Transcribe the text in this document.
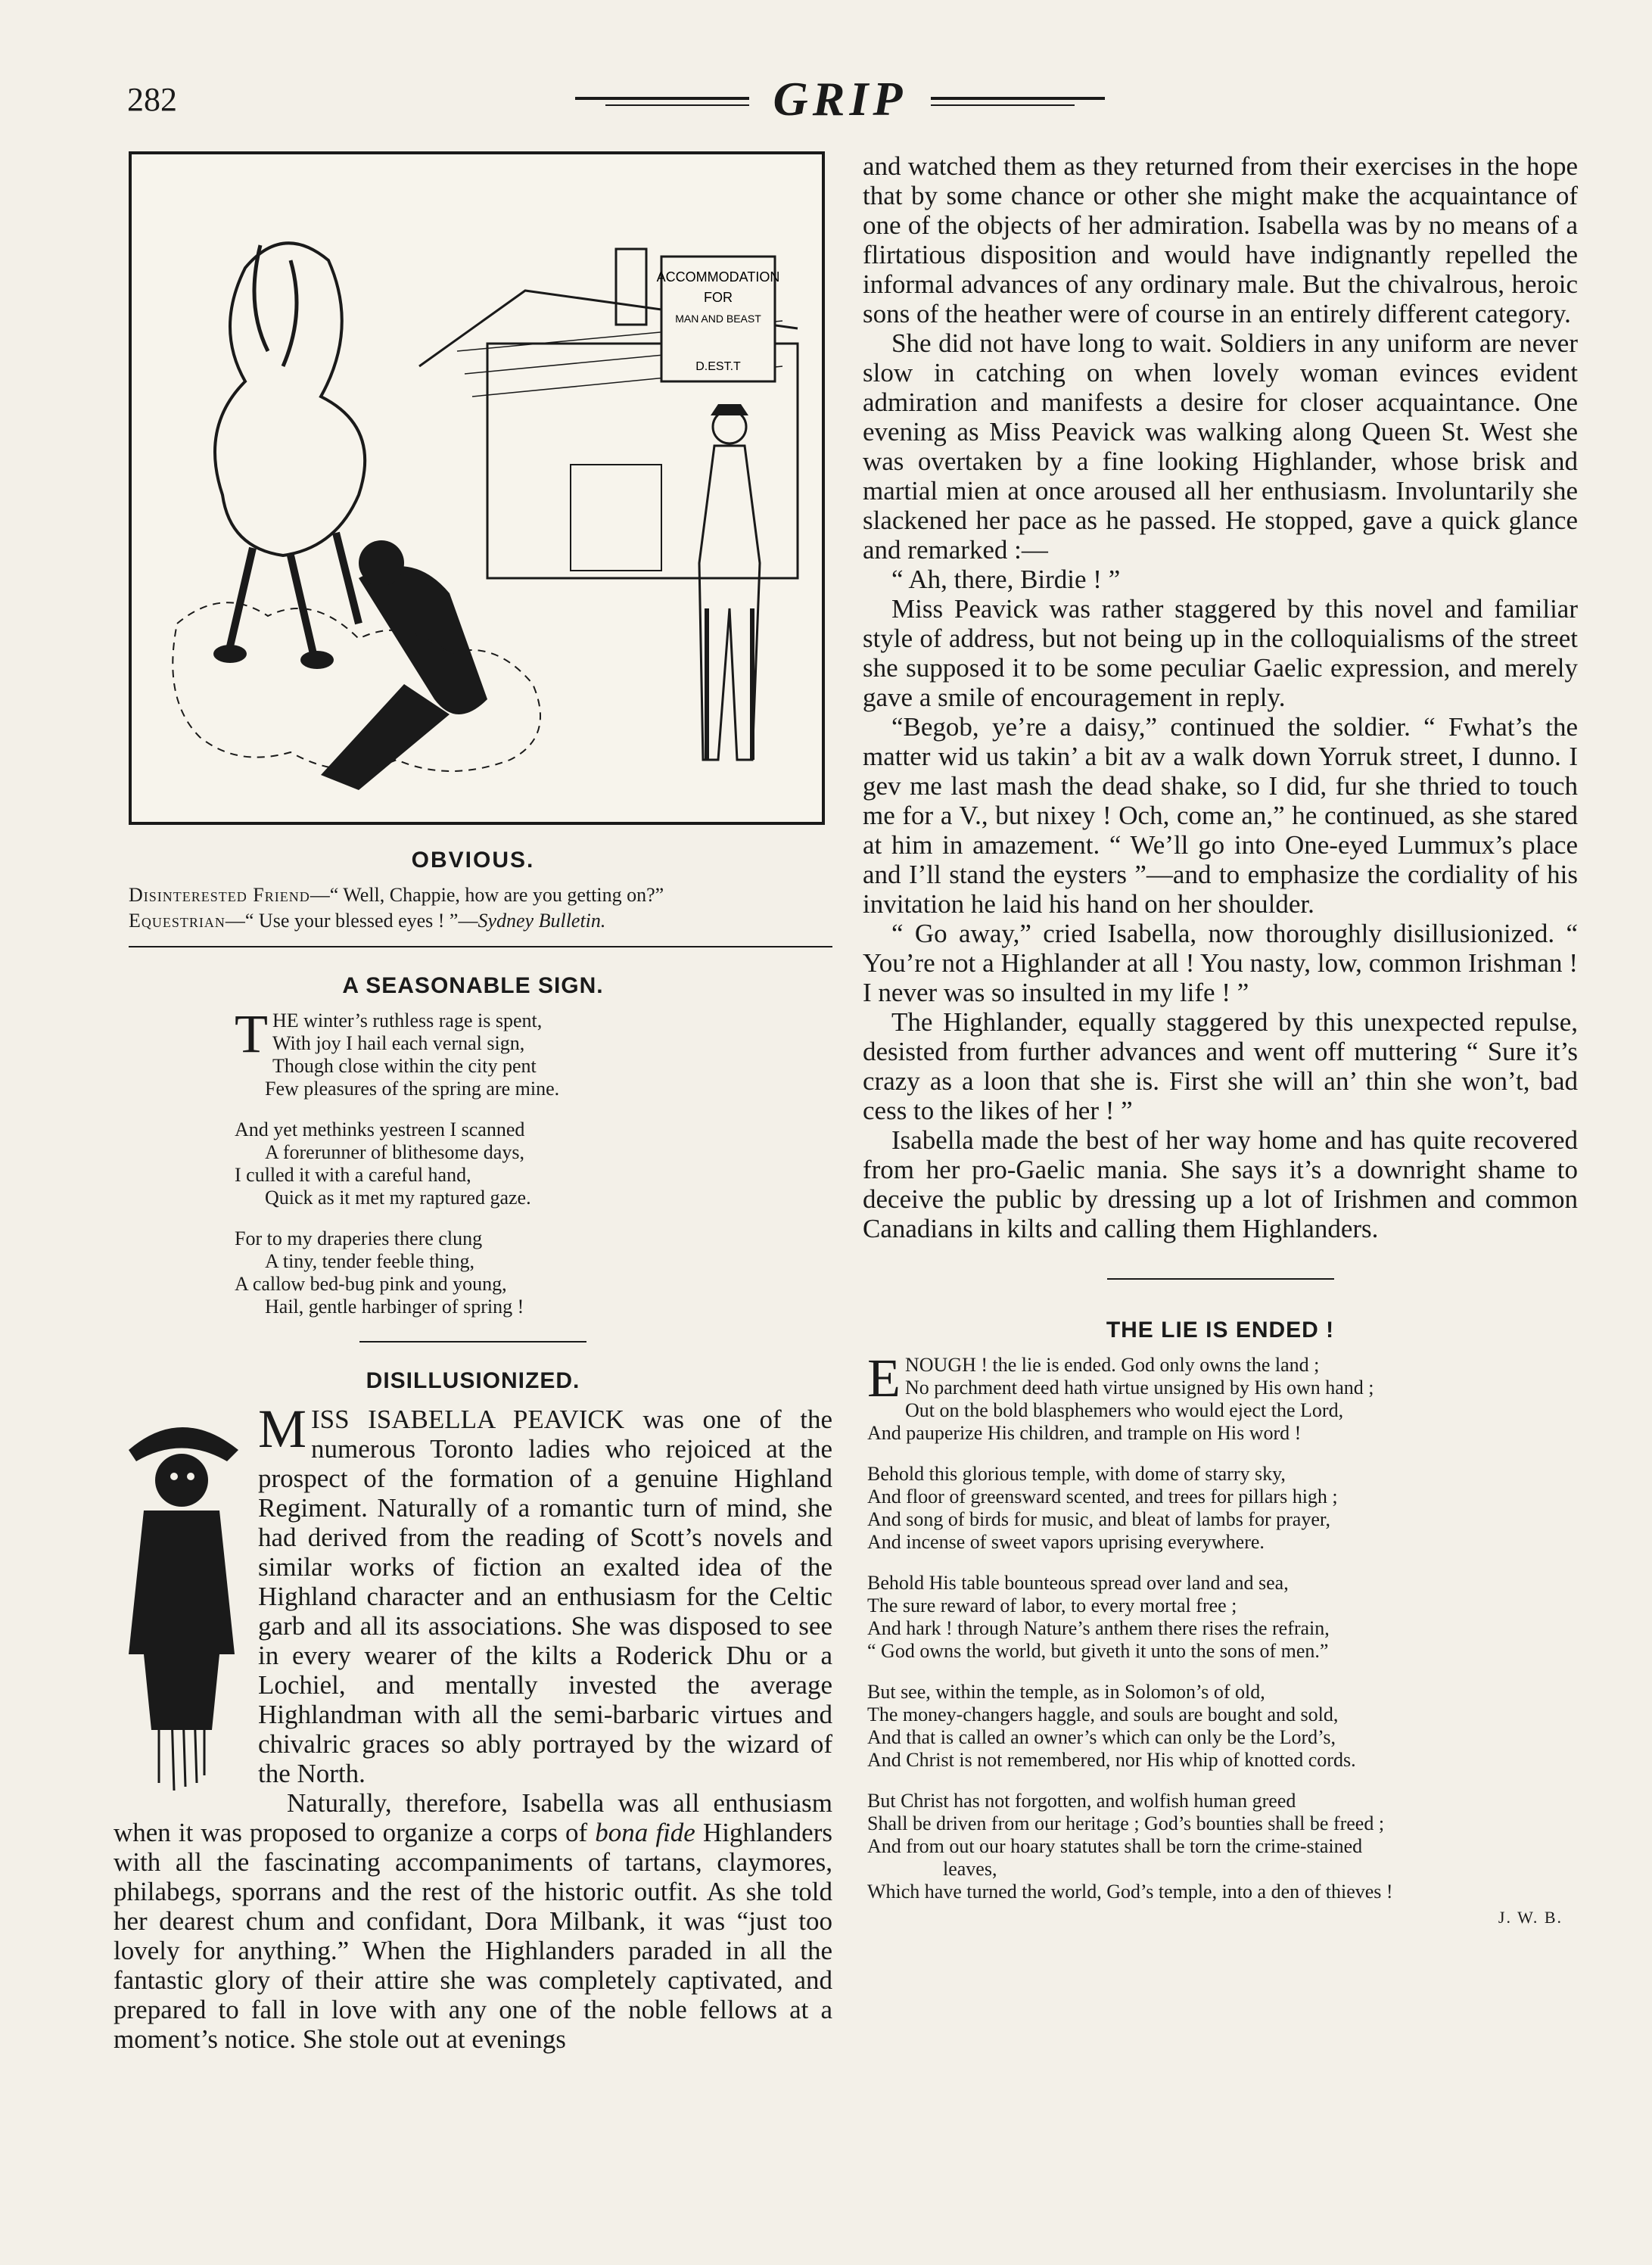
282	GRIP
ACCOMMODATION
FOR
MAN AND BEAST
D.EST.T
OBVIOUS.
Disinterested Friend—“ Well, Chappie, how are you getting on?”
Equestrian—“ Use your blessed eyes ! ”—Sydney Bulletin.
A SEASONABLE SIGN.
THE winter’s ruthless rage is spent,
With joy I hail each vernal sign,
Though close within the city pent
Few pleasures of the spring are mine.
And yet methinks yestreen I scanned
A forerunner of blithesome days,
I culled it with a careful hand,
Quick as it met my raptured gaze.
For to my draperies there clung
A tiny, tender feeble thing,
A callow bed-bug pink and young,
Hail, gentle harbinger of spring !
DISILLUSIONIZED.

MISS ISABELLA PEAVICK was one of the numerous Toronto ladies who rejoiced at the prospect of the formation of a genuine Highland Regiment. Naturally of a romantic turn of mind, she had derived from the reading of Scott’s novels and similar works of fiction an exalted idea of the Highland character and an enthusiasm for the Celtic garb and all its associations. She was disposed to see in every wearer of the kilts a Roderick Dhu or a Lochiel, and mentally invested the average Highlandman with all the semi-barbaric virtues and chivalric graces so ably portrayed by the wizard of the North.

Naturally, therefore, Isabella was all enthusiasm when it was proposed to organize a corps of bona fide Highlanders with all the fascinating accompaniments of tartans, claymores, philabegs, sporrans and the rest of the historic outfit. As she told her dearest chum and confidant, Dora Milbank, it was “just too lovely for anything.” When the Highlanders paraded in all the fantastic glory of their attire she was completely captivated, and prepared to fall in love with any one of the noble fellows at a moment’s notice. She stole out at evenings

and watched them as they returned from their exercises in the hope that by some chance or other she might make the acquaintance of one of the objects of her admiration. Isabella was by no means of a flirtatious disposition and would have indignantly repelled the informal advances of any ordinary male. But the chivalrous, heroic sons of the heather were of course in an entirely different category.

She did not have long to wait. Soldiers in any uniform are never slow in catching on when lovely woman evinces evident admiration and manifests a desire for closer acquaintance. One evening as Miss Peavick was walking along Queen St. West she was overtaken by a fine looking Highlander, whose brisk and martial mien at once aroused all her enthusiasm. Involuntarily she slackened her pace as he passed. He stopped, gave a quick glance and remarked :—

“ Ah, there, Birdie ! ”

Miss Peavick was rather staggered by this novel and familiar style of address, but not being up in the colloquialisms of the street she supposed it to be some peculiar Gaelic expression, and merely gave a smile of encouragement in reply.

“Begob, ye’re a daisy,” continued the soldier. “ Fwhat’s the matter wid us takin’ a bit av a walk down Yorruk street, I dunno. I gev me last mash the dead shake, so I did, fur she thried to touch me for a V., but nixey ! Och, come an,” he continued, as she stared at him in amazement. “ We’ll go into One-eyed Lummux’s place and I’ll stand the eysters ”—and to emphasize the cordiality of his invitation he laid his hand on her shoulder.

“ Go away,” cried Isabella, now thoroughly disillusionized. “ You’re not a Highlander at all ! You nasty, low, common Irishman ! I never was so insulted in my life ! ”

The Highlander, equally staggered by this unexpected repulse, desisted from further advances and went off muttering “ Sure it’s crazy as a loon that she is. First she will an’ thin she won’t, bad cess to the likes of her ! ”

Isabella made the best of her way home and has quite recovered from her pro-Gaelic mania. She says it’s a downright shame to deceive the public by dressing up a lot of Irishmen and common Canadians in kilts and calling them Highlanders.

THE LIE IS ENDED !
ENOUGH ! the lie is ended. God only owns the land ;
No parchment deed hath virtue unsigned by His own hand ;
Out on the bold blasphemers who would eject the Lord,
And pauperize His children, and trample on His word !
Behold this glorious temple, with dome of starry sky,
And floor of greensward scented, and trees for pillars high ;
And song of birds for music, and bleat of lambs for prayer,
And incense of sweet vapors uprising everywhere.
Behold His table bounteous spread over land and sea,
The sure reward of labor, to every mortal free ;
And hark ! through Nature’s anthem there rises the refrain,
“ God owns the world, but giveth it unto the sons of men.”
But see, within the temple, as in Solomon’s of old,
The money-changers haggle, and souls are bought and sold,
And that is called an owner’s which can only be the Lord’s,
And Christ is not remembered, nor His whip of knotted cords.
But Christ has not forgotten, and wolfish human greed
Shall be driven from our heritage ; God’s bounties shall be freed ;
And from out our hoary statutes shall be torn the crime-stained
leaves,
Which have turned the world, God’s temple, into a den of thieves !
J. W. B.
